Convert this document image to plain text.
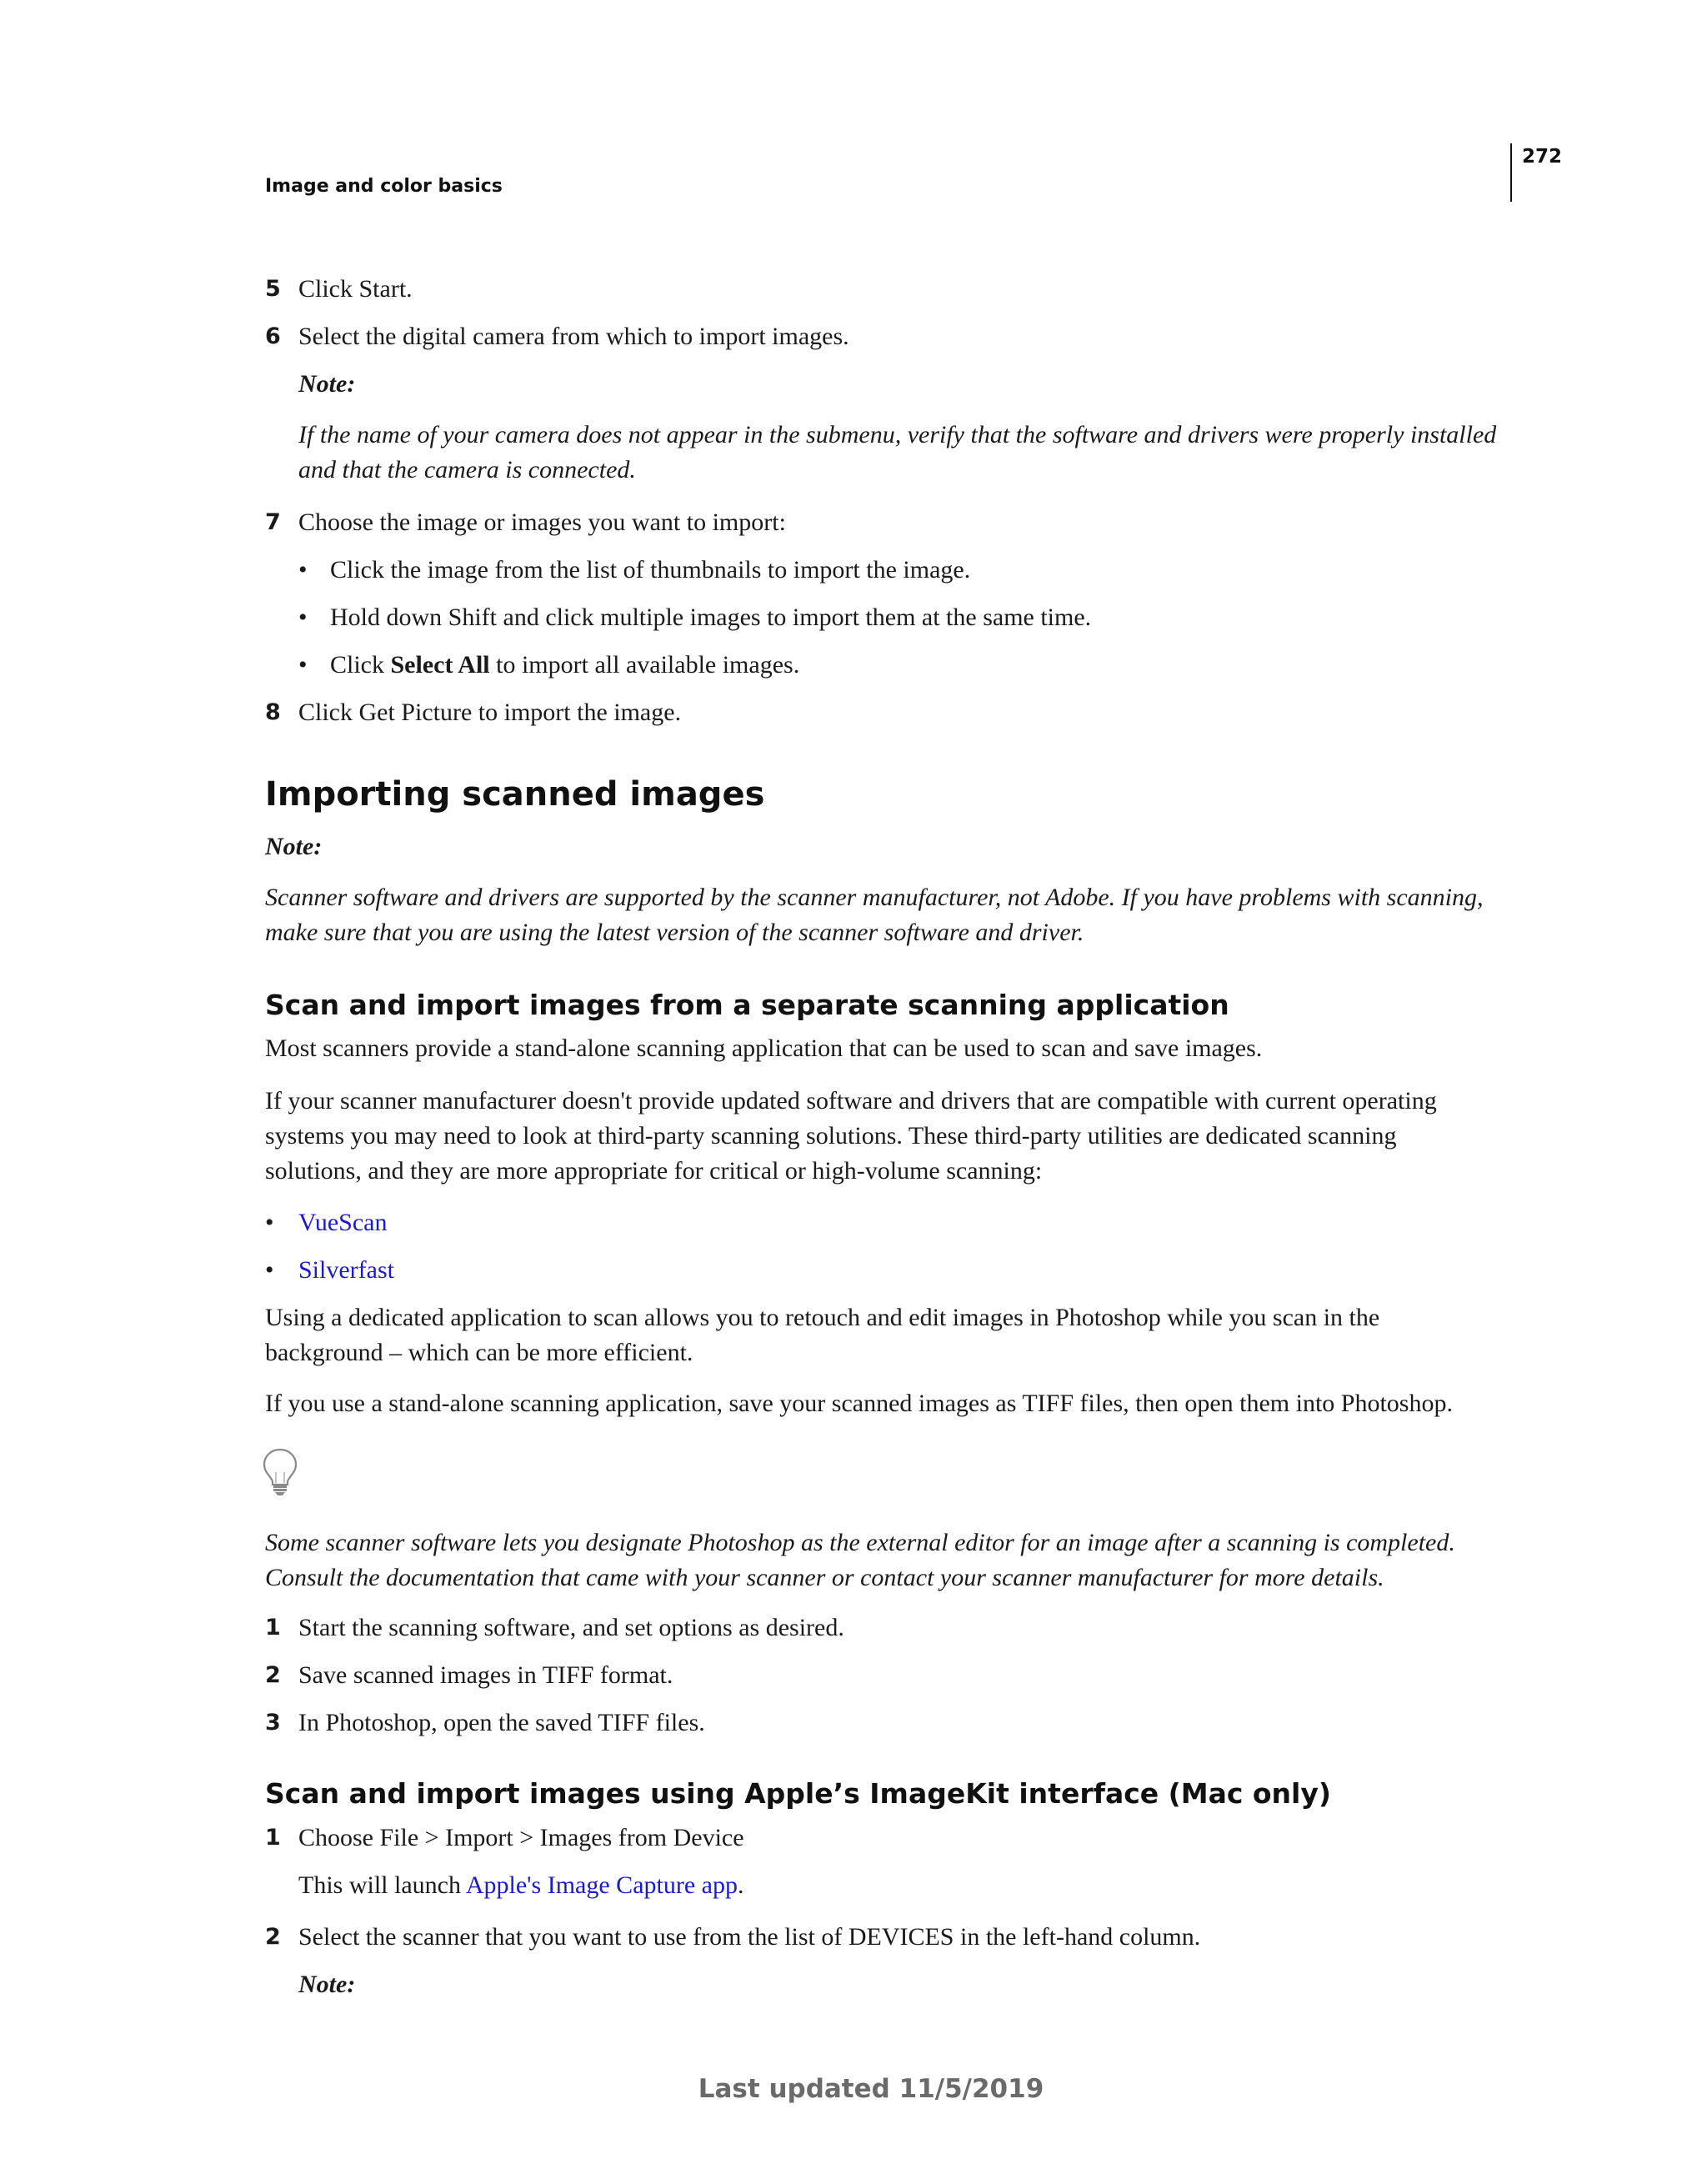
Image and color basics
272
5 Click Start.
6 Select the digital camera from which to import images.
Note:
If the name of your camera does not appear in the submenu, verify that the software and drivers were properly installed
and that the camera is connected.
7 Choose the image or images you want to import:
• Click the image from the list of thumbnails to import the image.
• Hold down Shift and click multiple images to import them at the same time.
• Click Select All to import all available images.
8 Click Get Picture to import the image.
Importing scanned images
Note:
Scanner software and drivers are supported by the scanner manufacturer, not Adobe. If you have problems with scanning,
make sure that you are using the latest version of the scanner software and driver.
Scan and import images from a separate scanning application
Most scanners provide a stand-alone scanning application that can be used to scan and save images.
If your scanner manufacturer doesn't provide updated software and drivers that are compatible with current operating
systems you may need to look at third-party scanning solutions. These third-party utilities are dedicated scanning
solutions, and they are more appropriate for critical or high-volume scanning:
• VueScan
• Silverfast
Using a dedicated application to scan allows you to retouch and edit images in Photoshop while you scan in the
background – which can be more efficient.
If you use a stand-alone scanning application, save your scanned images as TIFF files, then open them into Photoshop.
Some scanner software lets you designate Photoshop as the external editor for an image after a scanning is completed.
Consult the documentation that came with your scanner or contact your scanner manufacturer for more details.
1 Start the scanning software, and set options as desired.
2 Save scanned images in TIFF format.
3 In Photoshop, open the saved TIFF files.
Scan and import images using Apple’s ImageKit interface (Mac only)
1 Choose File > Import > Images from Device
This will launch Apple's Image Capture app.
2 Select the scanner that you want to use from the list of DEVICES in the left-hand column.
Note:
Last updated 11/5/2019
